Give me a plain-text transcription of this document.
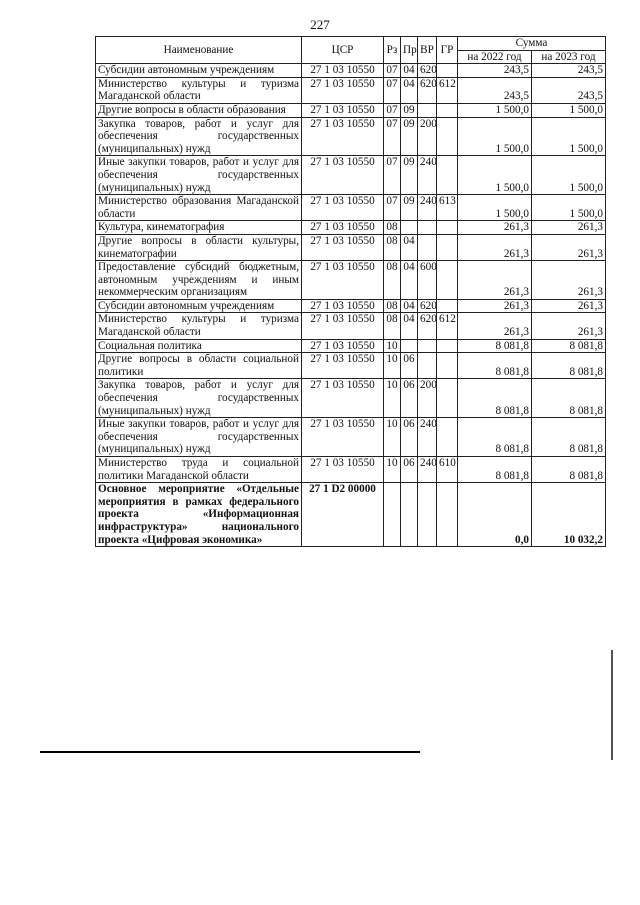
227
Наименование	ЦСР	Рз	Пр	ВР	ГР	Сумма	
						на 2022 год	на 2023 год
Субсидии автономным учреждениям	27 1 03 10550	07	04	620		243,5	243,5
Министерство культуры и туризма Магаданской области	27 1 03 10550	07	04	620	612	243,5	243,5
Другие вопросы в области образования	27 1 03 10550	07	09			1 500,0	1 500,0
Закупка товаров, работ и услуг для обеспечения государственных (муниципальных) нужд	27 1 03 10550	07	09	200		1 500,0	1 500,0
Иные закупки товаров, работ и услуг для обеспечения государственных (муниципальных) нужд	27 1 03 10550	07	09	240		1 500,0	1 500,0
Министерство образования Магаданской области	27 1 03 10550	07	09	240	613	1 500,0	1 500,0
Культура, кинематография	27 1 03 10550	08				261,3	261,3
Другие вопросы в области культуры, кинематографии	27 1 03 10550	08	04			261,3	261,3
Предоставление субсидий бюджетным, автономным учреждениям и иным некоммерческим организациям	27 1 03 10550	08	04	600		261,3	261,3
Субсидии автономным учреждениям	27 1 03 10550	08	04	620		261,3	261,3
Министерство культуры и туризма Магаданской области	27 1 03 10550	08	04	620	612	261,3	261,3
Социальная политика	27 1 03 10550	10				8 081,8	8 081,8
Другие вопросы в области социальной политики	27 1 03 10550	10	06			8 081,8	8 081,8
Закупка товаров, работ и услуг для обеспечения государственных (муниципальных) нужд	27 1 03 10550	10	06	200		8 081,8	8 081,8
Иные закупки товаров, работ и услуг для обеспечения государственных (муниципальных) нужд	27 1 03 10550	10	06	240		8 081,8	8 081,8
Министерство труда и социальной политики Магаданской области	27 1 03 10550	10	06	240	610	8 081,8	8 081,8
Основное мероприятие «Отдельные мероприятия в рамках федерального проекта «Информационная инфраструктура» национального проекта «Цифровая экономика»	27 1 D2 00000					0,0	10 032,2
